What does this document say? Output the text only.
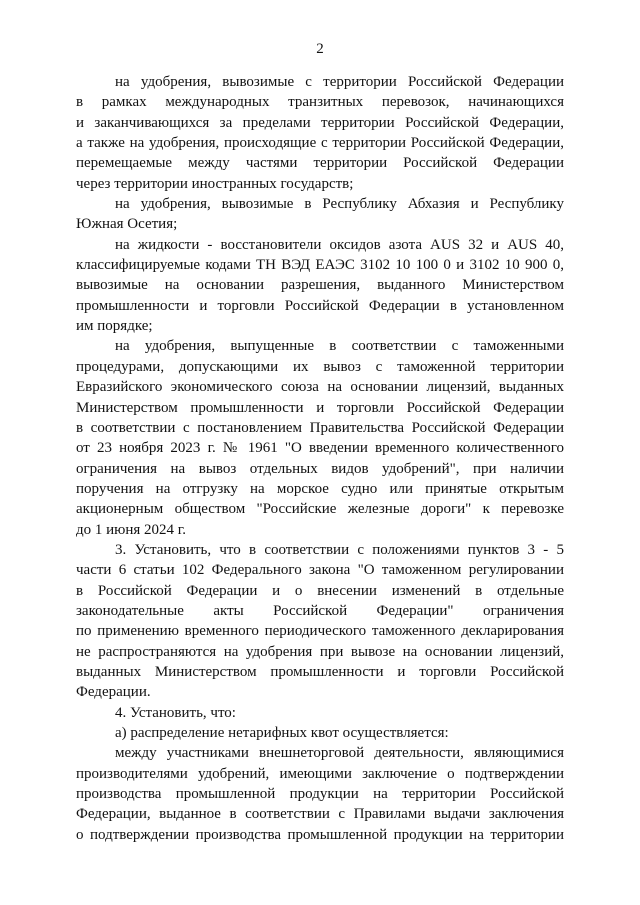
2

на удобрения, вывозимые с территории Российской Федерации
в рамках международных транзитных перевозок, начинающихся
и заканчивающихся за пределами территории Российской Федерации,
а также на удобрения, происходящие с территории Российской Федерации,
перемещаемые между частями территории Российской Федерации
через территории иностранных государств;

на удобрения, вывозимые в Республику Абхазия и Республику
Южная Осетия;

на жидкости - восстановители оксидов азота AUS 32 и AUS 40,
классифицируемые кодами ТН ВЭД ЕАЭС 3102 10 100 0 и 3102 10 900 0,
вывозимые на основании разрешения, выданного Министерством
промышленности и торговли Российской Федерации в установленном
им порядке;

на удобрения, выпущенные в соответствии с таможенными
процедурами, допускающими их вывоз с таможенной территории
Евразийского экономического союза на основании лицензий, выданных
Министерством промышленности и торговли Российской Федерации
в соответствии с постановлением Правительства Российской Федерации
от 23 ноября 2023 г. № 1961 "О введении временного количественного
ограничения на вывоз отдельных видов удобрений", при наличии
поручения на отгрузку на морское судно или принятые открытым
акционерным обществом "Российские железные дороги" к перевозке
до 1 июня 2024 г.

3. Установить, что в соответствии с положениями пунктов 3 - 5
части 6 статьи 102 Федерального закона "О таможенном регулировании
в Российской Федерации и о внесении изменений в отдельные
законодательные акты Российской Федерации" ограничения
по применению временного периодического таможенного декларирования
не распространяются на удобрения при вывозе на основании лицензий,
выданных Министерством промышленности и торговли Российской
Федерации.

4. Установить, что:

а) распределение нетарифных квот осуществляется:

между участниками внешнеторговой деятельности, являющимися
производителями удобрений, имеющими заключение о подтверждении
производства промышленной продукции на территории Российской
Федерации, выданное в соответствии с Правилами выдачи заключения
о подтверждении производства промышленной продукции на территории
